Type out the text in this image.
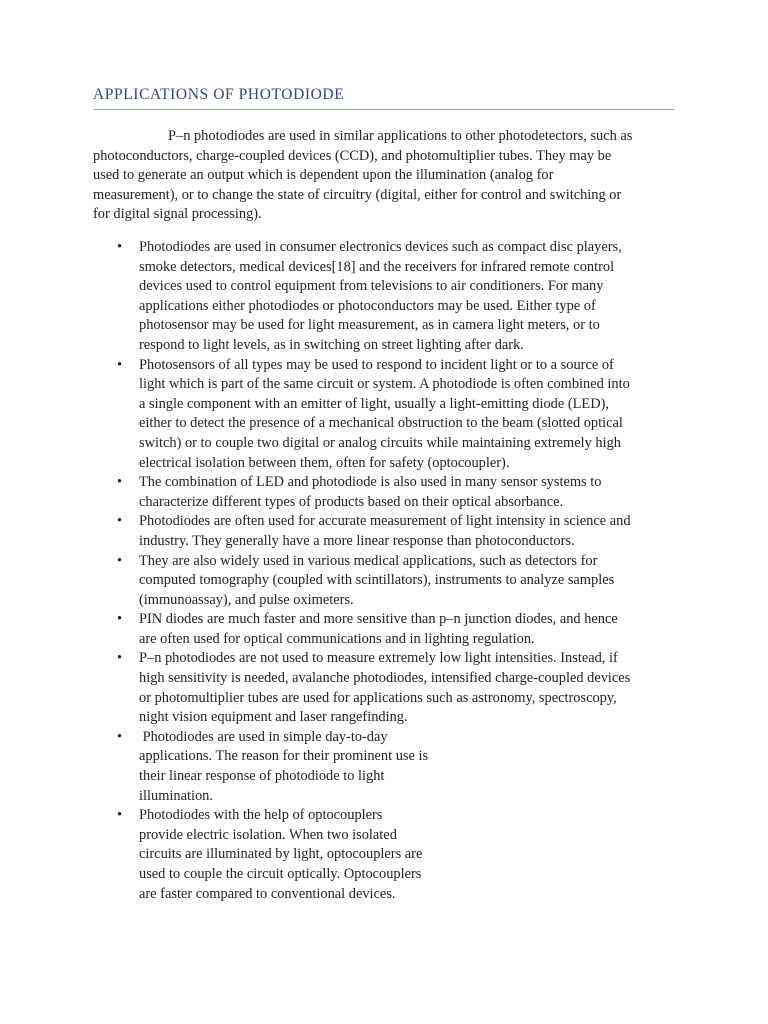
APPLICATIONS OF PHOTODIODE

P–n photodiodes are used in similar applications to other photodetectors, such as
photoconductors, charge-coupled devices (CCD), and photomultiplier tubes. They may be
used to generate an output which is dependent upon the illumination (analog for
measurement), or to change the state of circuitry (digital, either for control and switching or
for digital signal processing).

• Photodiodes are used in consumer electronics devices such as compact disc players,
smoke detectors, medical devices[18] and the receivers for infrared remote control
devices used to control equipment from televisions to air conditioners. For many
applications either photodiodes or photoconductors may be used. Either type of
photosensor may be used for light measurement, as in camera light meters, or to
respond to light levels, as in switching on street lighting after dark.
• Photosensors of all types may be used to respond to incident light or to a source of
light which is part of the same circuit or system. A photodiode is often combined into
a single component with an emitter of light, usually a light-emitting diode (LED),
either to detect the presence of a mechanical obstruction to the beam (slotted optical
switch) or to couple two digital or analog circuits while maintaining extremely high
electrical isolation between them, often for safety (optocoupler).
• The combination of LED and photodiode is also used in many sensor systems to
characterize different types of products based on their optical absorbance.
• Photodiodes are often used for accurate measurement of light intensity in science and
industry. They generally have a more linear response than photoconductors.
• They are also widely used in various medical applications, such as detectors for
computed tomography (coupled with scintillators), instruments to analyze samples
(immunoassay), and pulse oximeters.
• PIN diodes are much faster and more sensitive than p–n junction diodes, and hence
are often used for optical communications and in lighting regulation.
• P–n photodiodes are not used to measure extremely low light intensities. Instead, if
high sensitivity is needed, avalanche photodiodes, intensified charge-coupled devices
or photomultiplier tubes are used for applications such as astronomy, spectroscopy,
night vision equipment and laser rangefinding.
• Photodiodes are used in simple day-to-day
applications. The reason for their prominent use is
their linear response of photodiode to light
illumination.
• Photodiodes with the help of optocouplers
provide electric isolation. When two isolated
circuits are illuminated by light, optocouplers are
used to couple the circuit optically. Optocouplers
are faster compared to conventional devices.
